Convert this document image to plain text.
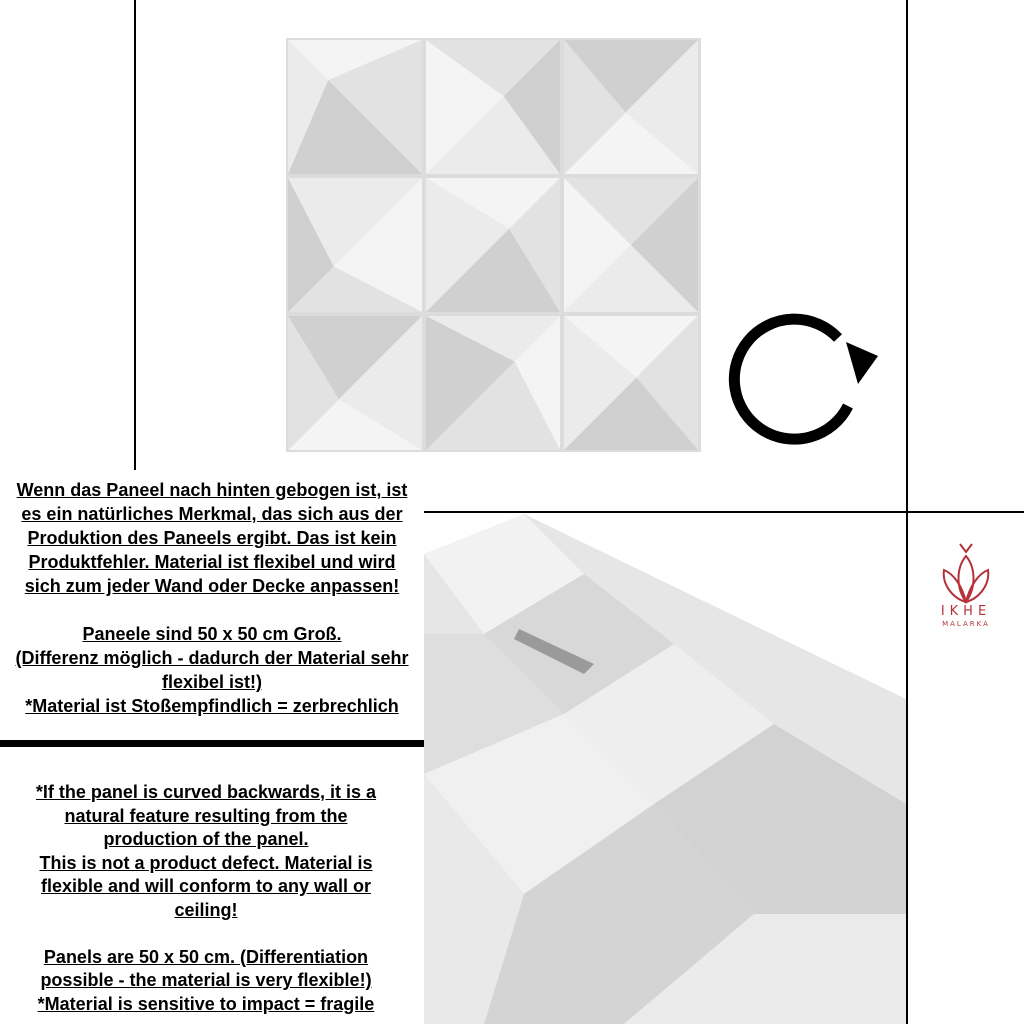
IKHE
MALARKA
Wenn das Paneel nach hinten gebogen ist, ist
es ein natürliches Merkmal, das sich aus der
Produktion des Paneels ergibt. Das ist kein
Produktfehler. Material ist flexibel und wird
sich zum jeder Wand oder Decke anpassen!
Paneele sind 50 x 50 cm Groß.
(Differenz möglich - dadurch der Material sehr
flexibel ist!)
*Material ist Stoßempfindlich = zerbrechlich
*If the panel is curved backwards, it is a
natural feature resulting from the
production of the panel.
This is not a product defect. Material is
flexible and will conform to any wall or
ceiling!
Panels are 50 x 50 cm. (Differentiation
possible - the material is very flexible!)
*Material is sensitive to impact = fragile
